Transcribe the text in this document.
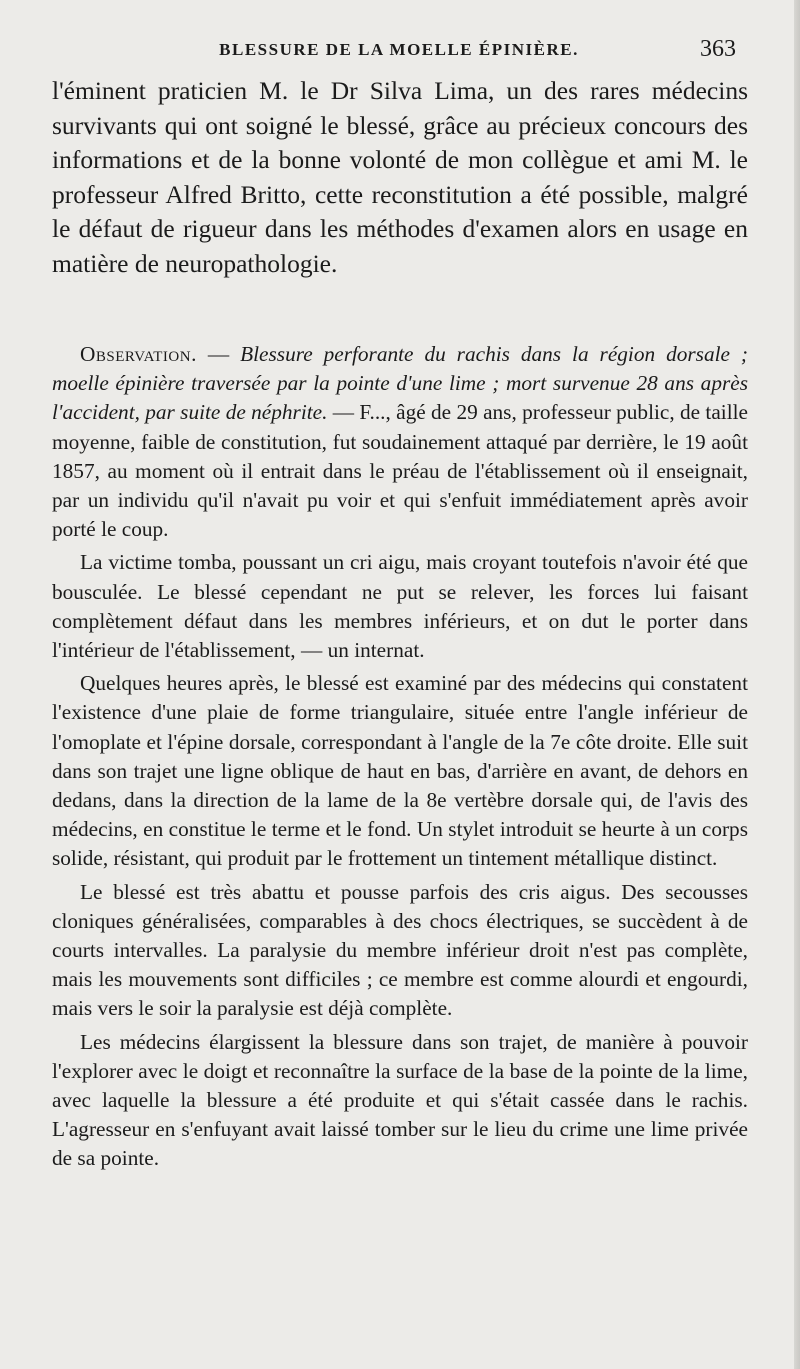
BLESSURE DE LA MOELLE ÉPINIÈRE.	363

l'éminent praticien M. le Dr Silva Lima, un des rares médecins survivants qui ont soigné le blessé, grâce au précieux concours des informations et de la bonne volonté de mon collègue et ami M. le professeur Alfred Britto, cette reconstitution a été possible, malgré le défaut de rigueur dans les méthodes d'examen alors en usage en matière de neuropathologie.

Observation. — Blessure perforante du rachis dans la région dorsale ; moelle épinière traversée par la pointe d'une lime ; mort survenue 28 ans après l'accident, par suite de néphrite. — F..., âgé de 29 ans, professeur public, de taille moyenne, faible de constitution, fut soudainement attaqué par derrière, le 19 août 1857, au moment où il entrait dans le préau de l'établissement où il enseignait, par un individu qu'il n'avait pu voir et qui s'enfuit immédiatement après avoir porté le coup.

La victime tomba, poussant un cri aigu, mais croyant toutefois n'avoir été que bousculée. Le blessé cependant ne put se relever, les forces lui faisant complètement défaut dans les membres inférieurs, et on dut le porter dans l'intérieur de l'établissement, — un internat.

Quelques heures après, le blessé est examiné par des médecins qui constatent l'existence d'une plaie de forme triangulaire, située entre l'angle inférieur de l'omoplate et l'épine dorsale, correspondant à l'angle de la 7e côte droite. Elle suit dans son trajet une ligne oblique de haut en bas, d'arrière en avant, de dehors en dedans, dans la direction de la lame de la 8e vertèbre dorsale qui, de l'avis des médecins, en constitue le terme et le fond. Un stylet introduit se heurte à un corps solide, résistant, qui produit par le frottement un tintement métallique distinct.

Le blessé est très abattu et pousse parfois des cris aigus. Des secousses cloniques généralisées, comparables à des chocs électriques, se succèdent à de courts intervalles. La paralysie du membre inférieur droit n'est pas complète, mais les mouvements sont difficiles ; ce membre est comme alourdi et engourdi, mais vers le soir la paralysie est déjà complète.

Les médecins élargissent la blessure dans son trajet, de manière à pouvoir l'explorer avec le doigt et reconnaître la surface de la base de la pointe de la lime, avec laquelle la blessure a été produite et qui s'était cassée dans le rachis. L'agresseur en s'enfuyant avait laissé tomber sur le lieu du crime une lime privée de sa pointe.
